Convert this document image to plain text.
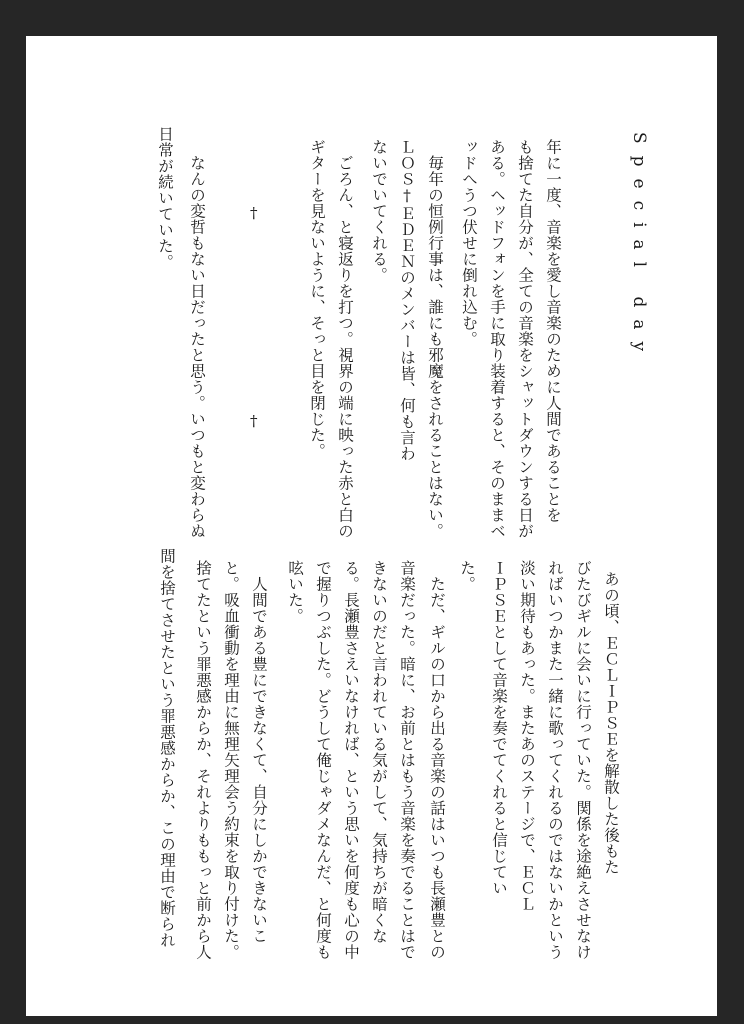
Special day
年に一度、音楽を愛し音楽のために人間であることを
も捨てた自分が、全ての音楽をシャットダウンする日が
ある。ヘッドフォンを手に取り装着すると、そのままベ
ッドへうつ伏せに倒れ込む。
　毎年の恒例行事は、誰にも邪魔をされることはない。
ＬＯＳ†ＥＤＥＮのメンバーは皆、何も言わ
ないでいてくれる。
　ごろん、と寝返りを打つ。視界の端に映った赤と白の
ギターを見ないように、そっと目を閉じた。
†
†
　なんの変哲もない日だったと思う。いつもと変わらぬ
日常が続いていた。
あの頃、ＥＣＬＩＰＳＥを解散した後もた
びたびギルに会いに行っていた。関係を途絶えさせなけ
ればいつかまた一緒に歌ってくれるのではないかという
淡い期待もあった。またあのステージで、ＥＣＬ
ＩＰＳＥとして音楽を奏でてくれると信じてい
た。
　ただ、ギルの口から出る音楽の話はいつも長瀬豊との
音楽だった。暗に、お前とはもう音楽を奏でることはで
きないのだと言われている気がして、気持ちが暗くな
る。長瀬豊さえいなければ、という思いを何度も心の中
で握りつぶした。どうして俺じゃダメなんだ、と何度も
呟いた。
　人間である豊にできなくて、自分にしかできないこ
と。吸血衝動を理由に無理矢理会う約束を取り付けた。
捨てたという罪悪感からか、それよりももっと前から人
間を捨てさせたという罪悪感からか、この理由で断られ
